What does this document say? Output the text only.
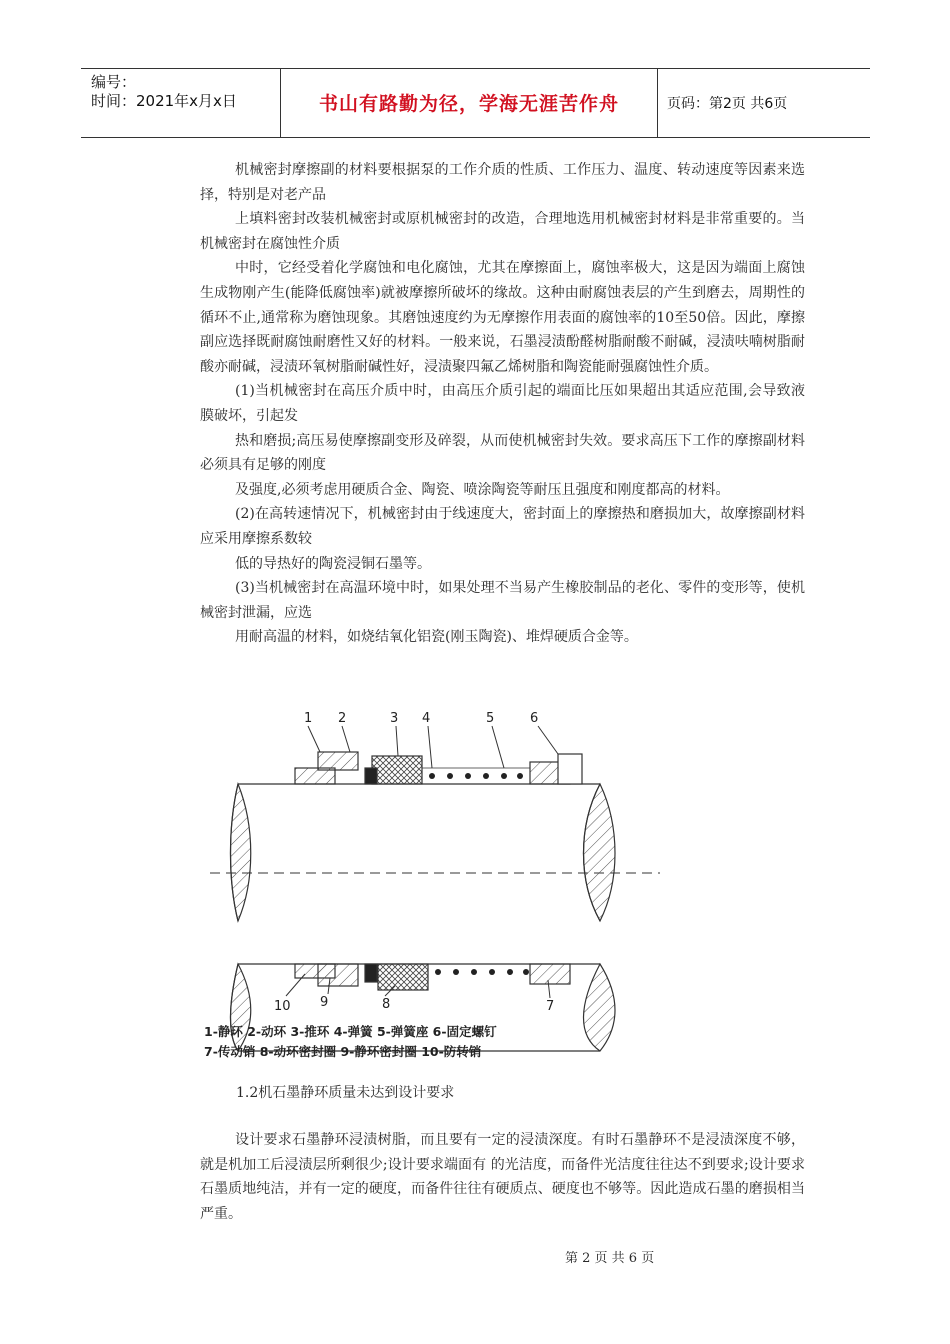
编号：
时间：2021年x月x日	书山有路勤为径，学海无涯苦作舟	页码：第2页 共6页

机械密封摩擦副的材料要根据泵的工作介质的性质、工作压力、温度、转动速度等因素来选择，特别是对老产品

上填料密封改装机械密封或原机械密封的改造，合理地选用机械密封材料是非常重要的。当机械密封在腐蚀性介质

中时，它经受着化学腐蚀和电化腐蚀，尤其在摩擦面上，腐蚀率极大，这是因为端面上腐蚀生成物刚产生(能降低腐蚀率)就被摩擦所破坏的缘故。这种由耐腐蚀表层的产生到磨去，周期性的循环不止,通常称为磨蚀现象。其磨蚀速度约为无摩擦作用表面的腐蚀率的10至50倍。因此，摩擦副应选择既耐腐蚀耐磨性又好的材料。一般来说，石墨浸渍酚醛树脂耐酸不耐碱，浸渍呋喃树脂耐酸亦耐碱，浸渍环氧树脂耐碱性好，浸渍聚四氟乙烯树脂和陶瓷能耐强腐蚀性介质。

(1)当机械密封在高压介质中时，由高压介质引起的端面比压如果超出其适应范围,会导致液膜破坏，引起发

热和磨损;高压易使摩擦副变形及碎裂，从而使机械密封失效。要求高压下工作的摩擦副材料必须具有足够的刚度

及强度,必须考虑用硬质合金、陶瓷、喷涂陶瓷等耐压且强度和刚度都高的材料。

(2)在高转速情况下，机械密封由于线速度大，密封面上的摩擦热和磨损加大，故摩擦副材料应采用摩擦系数较

低的导热好的陶瓷浸铜石墨等。

(3)当机械密封在高温环境中时，如果处理不当易产生橡胶制品的老化、零件的变形等，使机械密封泄漏，应选

用耐高温的材料，如烧结氧化铝瓷(刚玉陶瓷)、堆焊硬质合金等。

1 2	3 4	5	6
10 9	8	7
1-静环 2-动环 3-推环 4-弹簧 5-弹簧座 6-固定螺钉
7-传动销 8-动环密封圈 9-静环密封圈 10-防转销
1.2机石墨静环质量未达到设计要求

设计要求石墨静环浸渍树脂，而且要有一定的浸渍深度。有时石墨静环不是浸渍深度不够，就是机加工后浸渍层所剩很少;设计要求端面有 的光洁度，而备件光洁度往往达不到要求;设计要求石墨质地纯洁，并有一定的硬度，而备件往往有硬质点、硬度也不够等。因此造成石墨的磨损相当严重。

第 2 页 共 6 页
